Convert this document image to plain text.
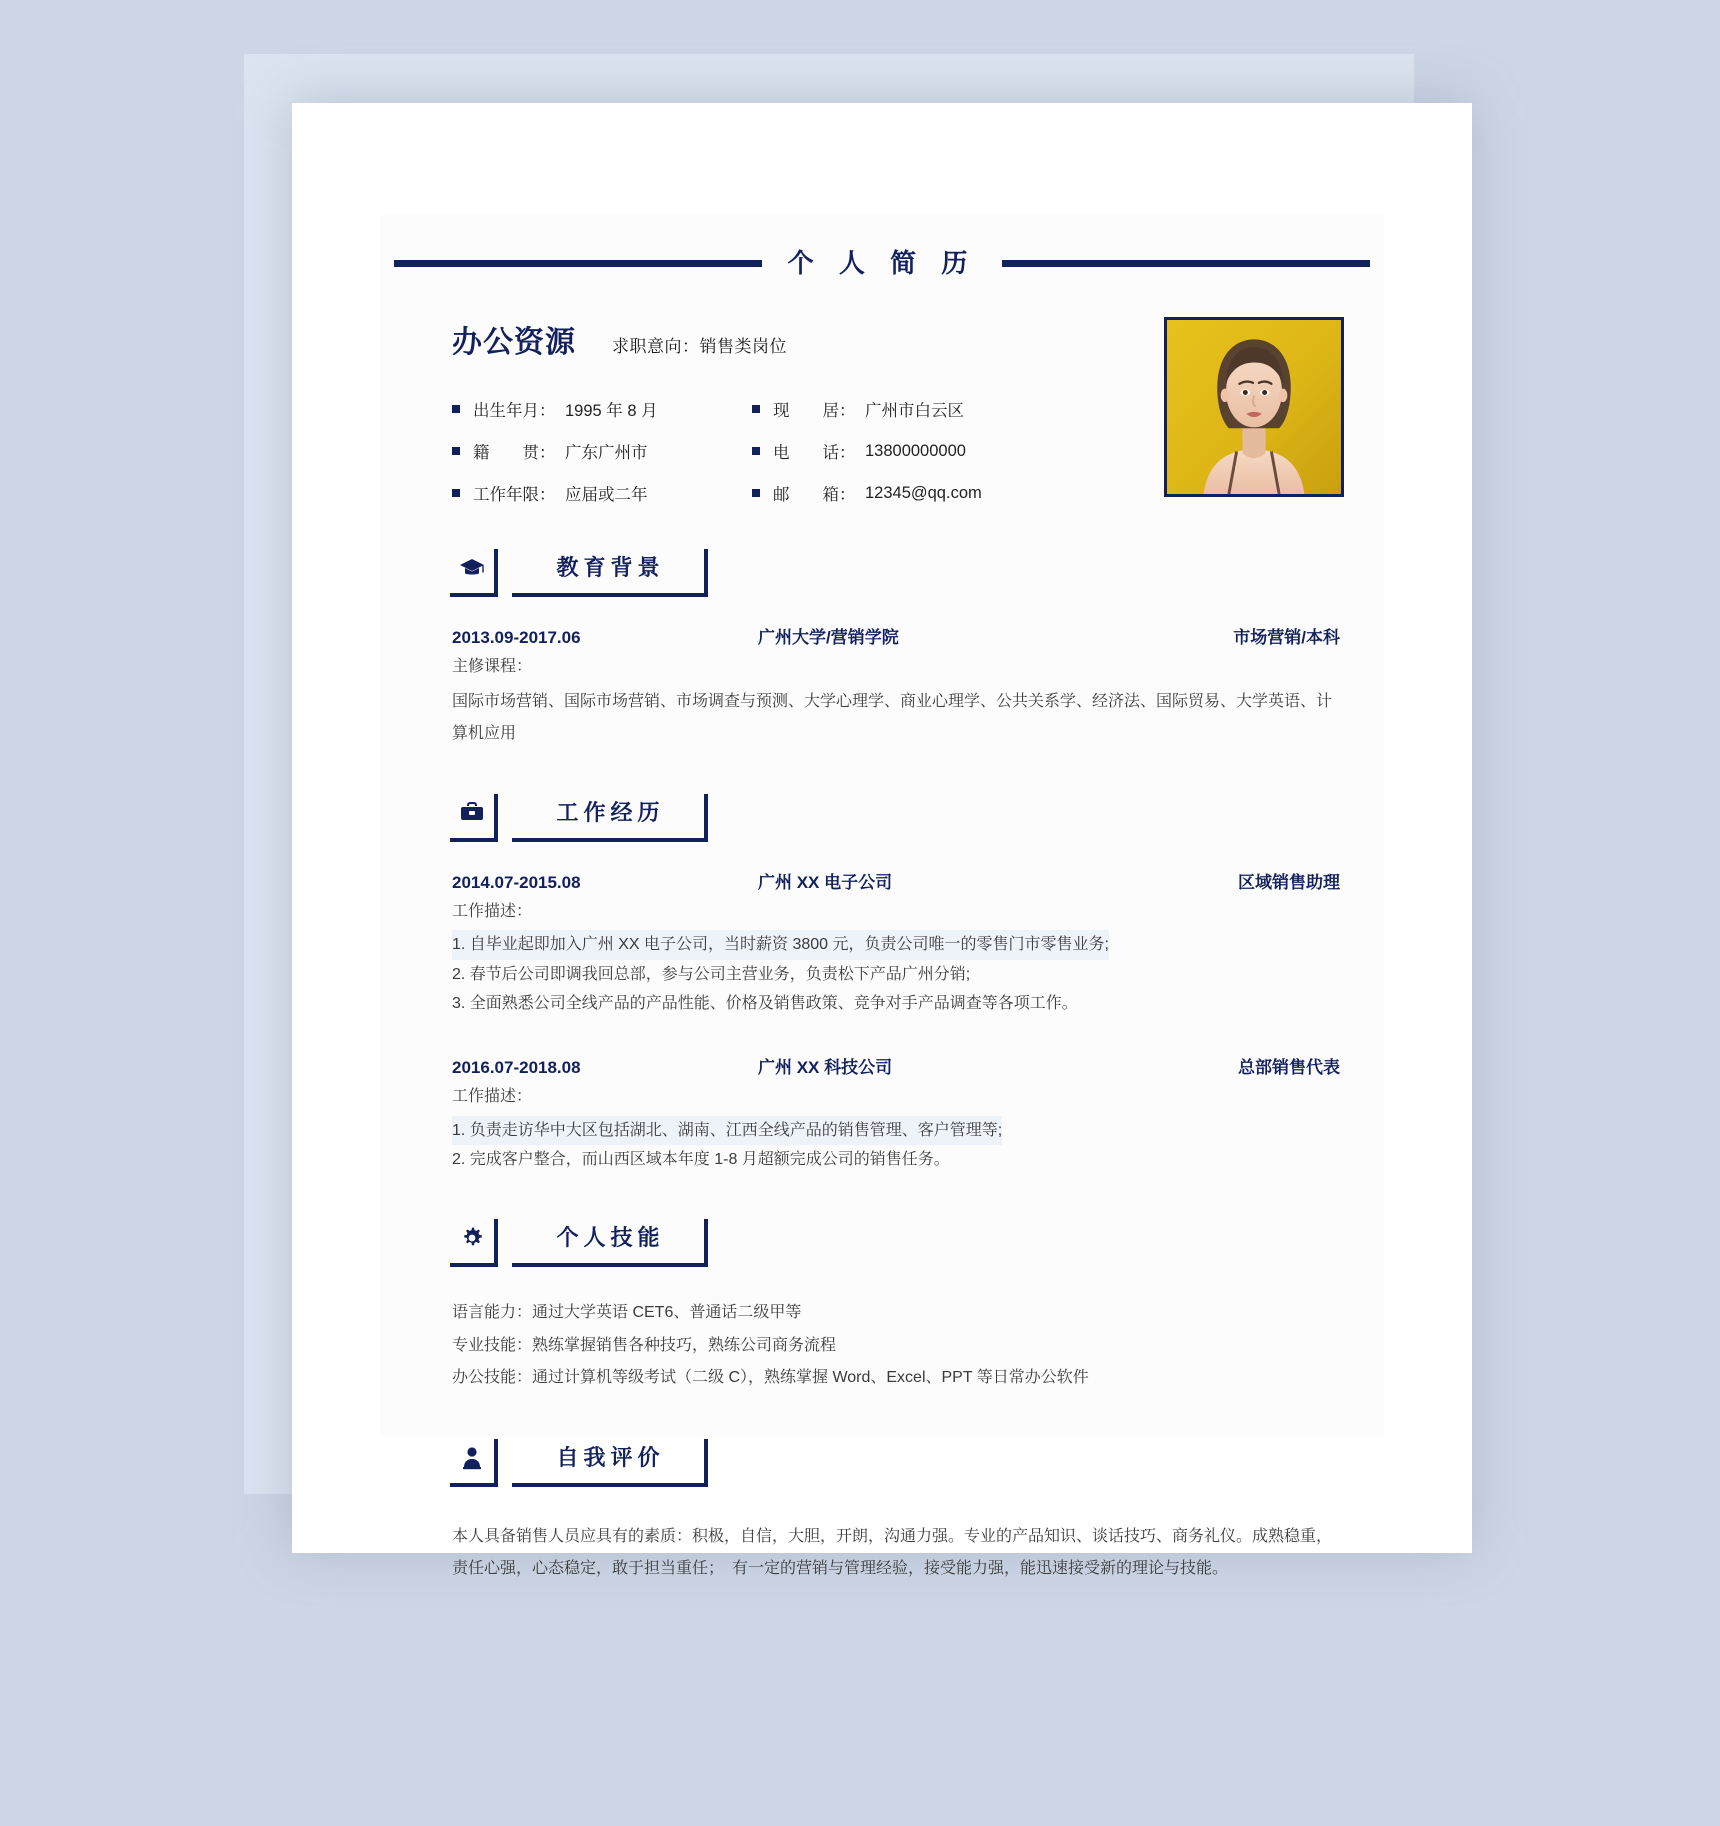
个 人 简 历
办公资源 求职意向：销售类岗位
出生年月： 1995 年 8 月	现　　居： 广州市白云区
籍　　贯： 广东广州市	电　　话： 13800000000
工作年限： 应届或二年	邮　　箱： 12345@qq.com
教育背景
2013.09-2017.06	广州大学/营销学院	市场营销/本科
主修课程：
国际市场营销、国际市场营销、市场调查与预测、大学心理学、商业心理学、公共关系学、经济法、国际贸易、大学英语、计算机应用
工作经历
2014.07-2015.08	广州 XX 电子公司	区域销售助理
工作描述：
1. 自毕业起即加入广州 XX 电子公司，当时薪资 3800 元，负责公司唯一的零售门市零售业务;
2. 春节后公司即调我回总部，参与公司主营业务，负责松下产品广州分销;
3. 全面熟悉公司全线产品的产品性能、价格及销售政策、竞争对手产品调查等各项工作。
2016.07-2018.08	广州 XX 科技公司	总部销售代表
工作描述：
1. 负责走访华中大区包括湖北、湖南、江西全线产品的销售管理、客户管理等;
2. 完成客户整合，而山西区域本年度 1-8 月超额完成公司的销售任务。
个人技能
语言能力：通过大学英语 CET6、普通话二级甲等
专业技能：熟练掌握销售各种技巧，熟练公司商务流程
办公技能：通过计算机等级考试（二级 C），熟练掌握 Word、Excel、PPT 等日常办公软件
自我评价
本人具备销售人员应具有的素质：积极，自信，大胆，开朗，沟通力强。专业的产品知识、谈话技巧、商务礼仪。成熟稳重，责任心强，心态稳定，敢于担当重任；　有一定的营销与管理经验，接受能力强，能迅速接受新的理论与技能。
